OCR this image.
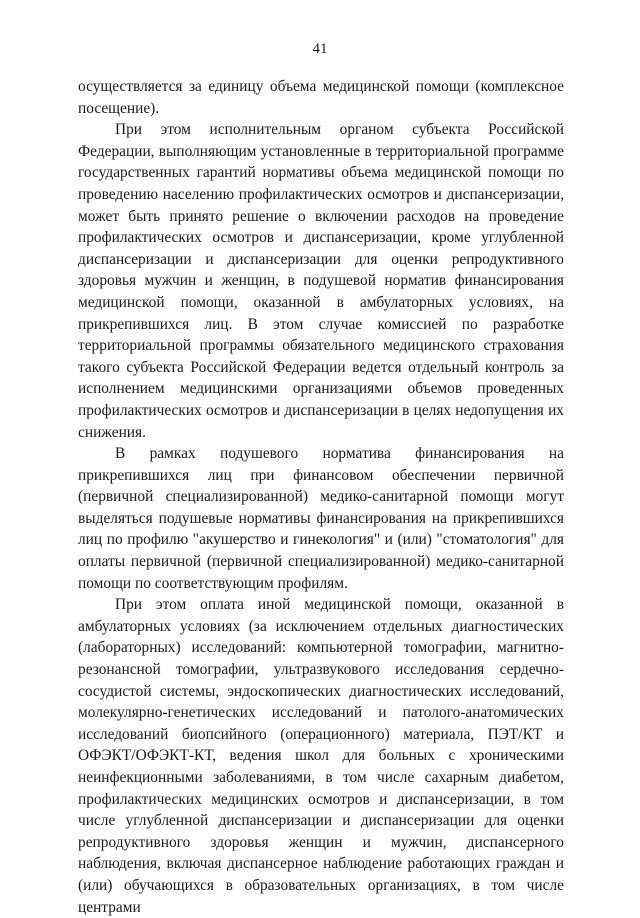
41

осуществляется за единицу объема медицинской помощи (комплексное посещение).

При этом исполнительным органом субъекта Российской Федерации, выполняющим установленные в территориальной программе государственных гарантий нормативы объема медицинской помощи по проведению населению профилактических осмотров и диспансеризации, может быть принято решение о включении расходов на проведение профилактических осмотров и диспансеризации, кроме углубленной диспансеризации и диспансеризации для оценки репродуктивного здоровья мужчин и женщин, в подушевой норматив финансирования медицинской помощи, оказанной в амбулаторных условиях, на прикрепившихся лиц. В этом случае комиссией по разработке территориальной программы обязательного медицинского страхования такого субъекта Российской Федерации ведется отдельный контроль за исполнением медицинскими организациями объемов проведенных профилактических осмотров и диспансеризации в целях недопущения их снижения.

В рамках подушевого норматива финансирования на прикрепившихся лиц при финансовом обеспечении первичной (первичной специализированной) медико-санитарной помощи могут выделяться подушевые нормативы финансирования на прикрепившихся лиц по профилю "акушерство и гинекология" и (или) "стоматология" для оплаты первичной (первичной специализированной) медико-санитарной помощи по соответствующим профилям.

При этом оплата иной медицинской помощи, оказанной в амбулаторных условиях (за исключением отдельных диагностических (лабораторных) исследований: компьютерной томографии, магнитно-резонансной томографии, ультразвукового исследования сердечно-сосудистой системы, эндоскопических диагностических исследований, молекулярно-генетических исследований и патолого-анатомических исследований биопсийного (операционного) материала, ПЭТ/КТ и ОФЭКТ/ОФЭКТ-КТ, ведения школ для больных с хроническими неинфекционными заболеваниями, в том числе сахарным диабетом, профилактических медицинских осмотров и диспансеризации, в том числе углубленной диспансеризации и диспансеризации для оценки репродуктивного здоровья женщин и мужчин, диспансерного наблюдения, включая диспансерное наблюдение работающих граждан и (или) обучающихся в образовательных организациях, в том числе центрами
